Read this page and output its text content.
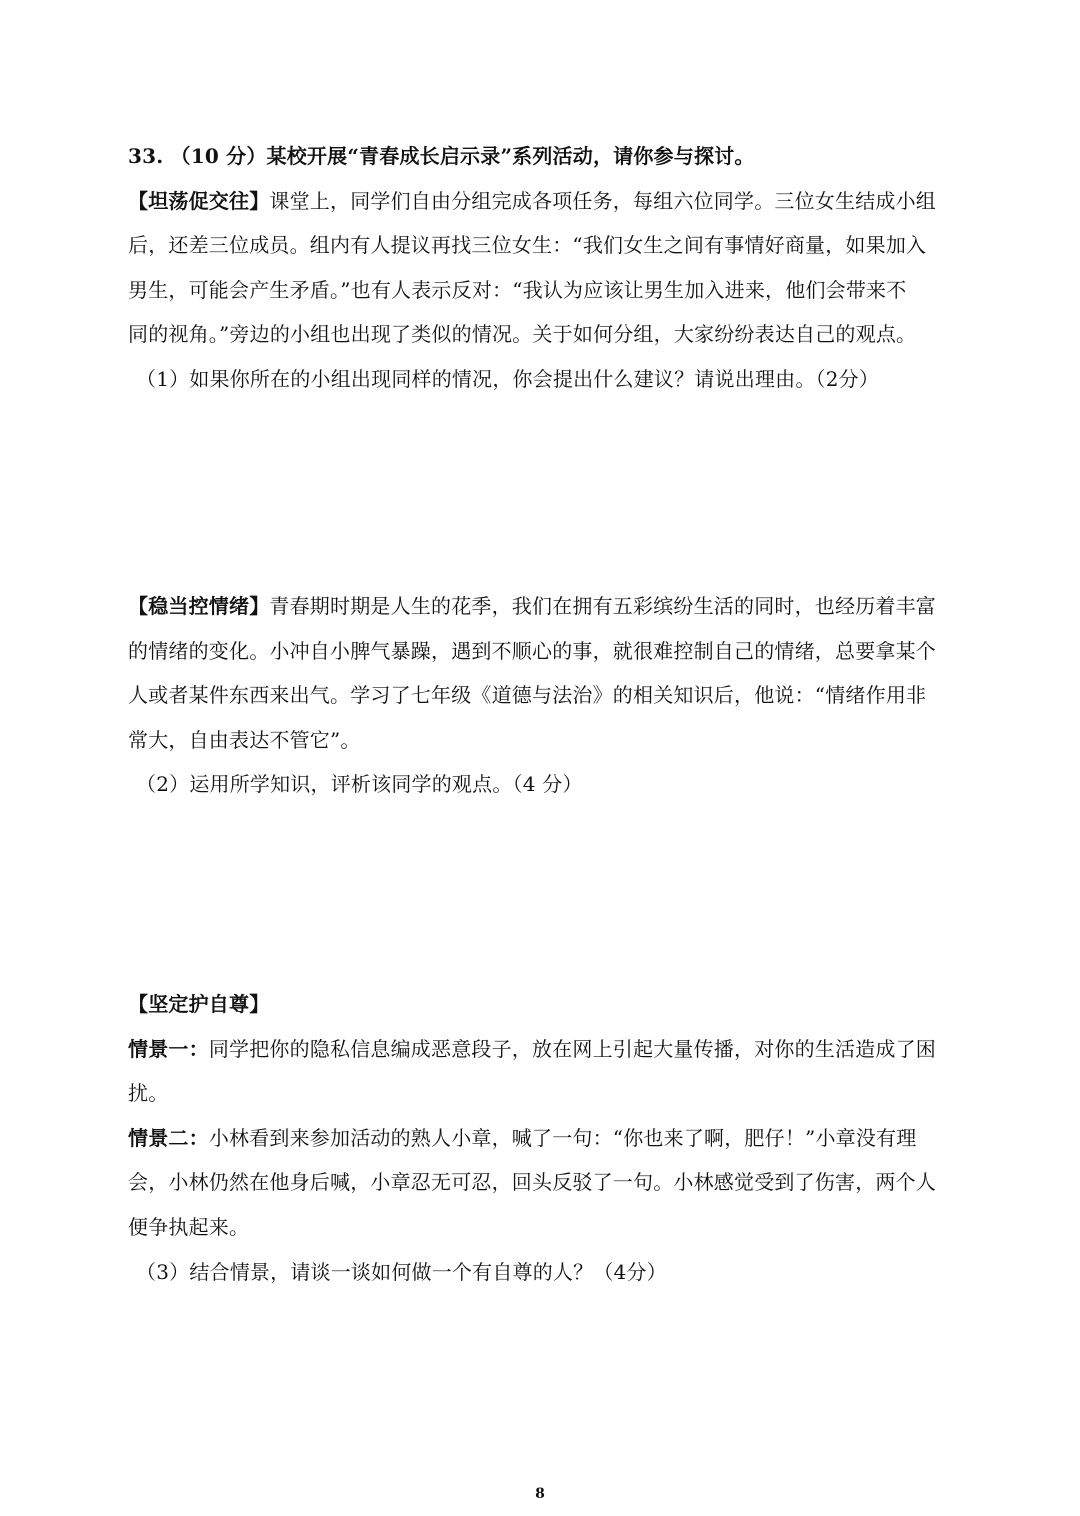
33. （10 分）某校开展“青春成长启示录”系列活动，请你参与探讨。
【坦荡促交往】课堂上，同学们自由分组完成各项任务，每组六位同学。三位女生结成小组
后，还差三位成员。组内有人提议再找三位女生：“我们女生之间有事情好商量，如果加入
男生，可能会产生矛盾。”也有人表示反对：“我认为应该让男生加入进来，他们会带来不
同的视角。”旁边的小组也出现了类似的情况。关于如何分组，大家纷纷表达自己的观点。
（1）如果你所在的小组出现同样的情况，你会提出什么建议？请说出理由。（2分）
【稳当控情绪】青春期时期是人生的花季，我们在拥有五彩缤纷生活的同时，也经历着丰富
的情绪的变化。小冲自小脾气暴躁，遇到不顺心的事，就很难控制自己的情绪，总要拿某个
人或者某件东西来出气。学习了七年级《道德与法治》的相关知识后，他说：“情绪作用非
常大，自由表达不管它”。
（2）运用所学知识，评析该同学的观点。（4 分）
【坚定护自尊】
情景一：同学把你的隐私信息编成恶意段子，放在网上引起大量传播，对你的生活造成了困
扰。
情景二：小林看到来参加活动的熟人小章，喊了一句：“你也来了啊，肥仔！”小章没有理
会，小林仍然在他身后喊，小章忍无可忍，回头反驳了一句。小林感觉受到了伤害，两个人
便争执起来。
（3）结合情景，请谈一谈如何做一个有自尊的人？（4分）
8
